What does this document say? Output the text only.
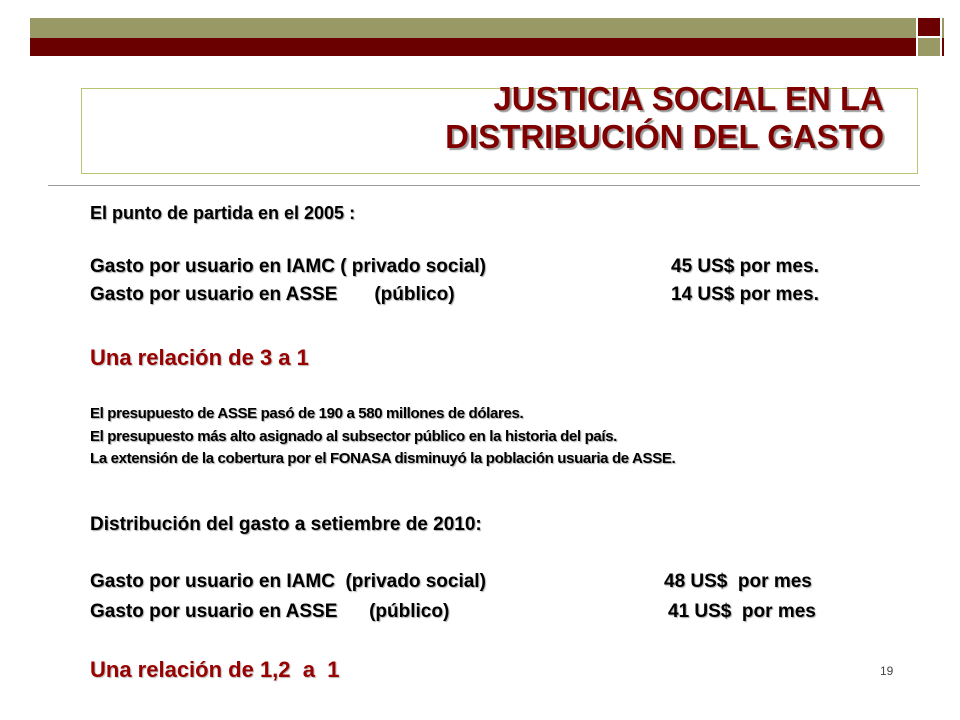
JUSTICIA SOCIAL EN LA
DISTRIBUCIÓN DEL GASTO
El punto de partida en el 2005 :
Gasto por usuario en IAMC ( privado social)	45 US$ por mes.
Gasto por usuario en ASSE       (público)	14 US$ por mes.
Una relación de 3 a 1
El presupuesto de ASSE pasó de 190 a 580 millones de dólares.
El presupuesto más alto asignado al subsector público en la historia del país.
La extensión de la cobertura por el FONASA disminuyó la población usuaria de ASSE.
Distribución del gasto a setiembre de 2010:
Gasto por usuario en IAMC  (privado social)	48 US$  por mes
Gasto por usuario en ASSE      (público)	41 US$  por mes
Una relación de 1,2  a  1	19
